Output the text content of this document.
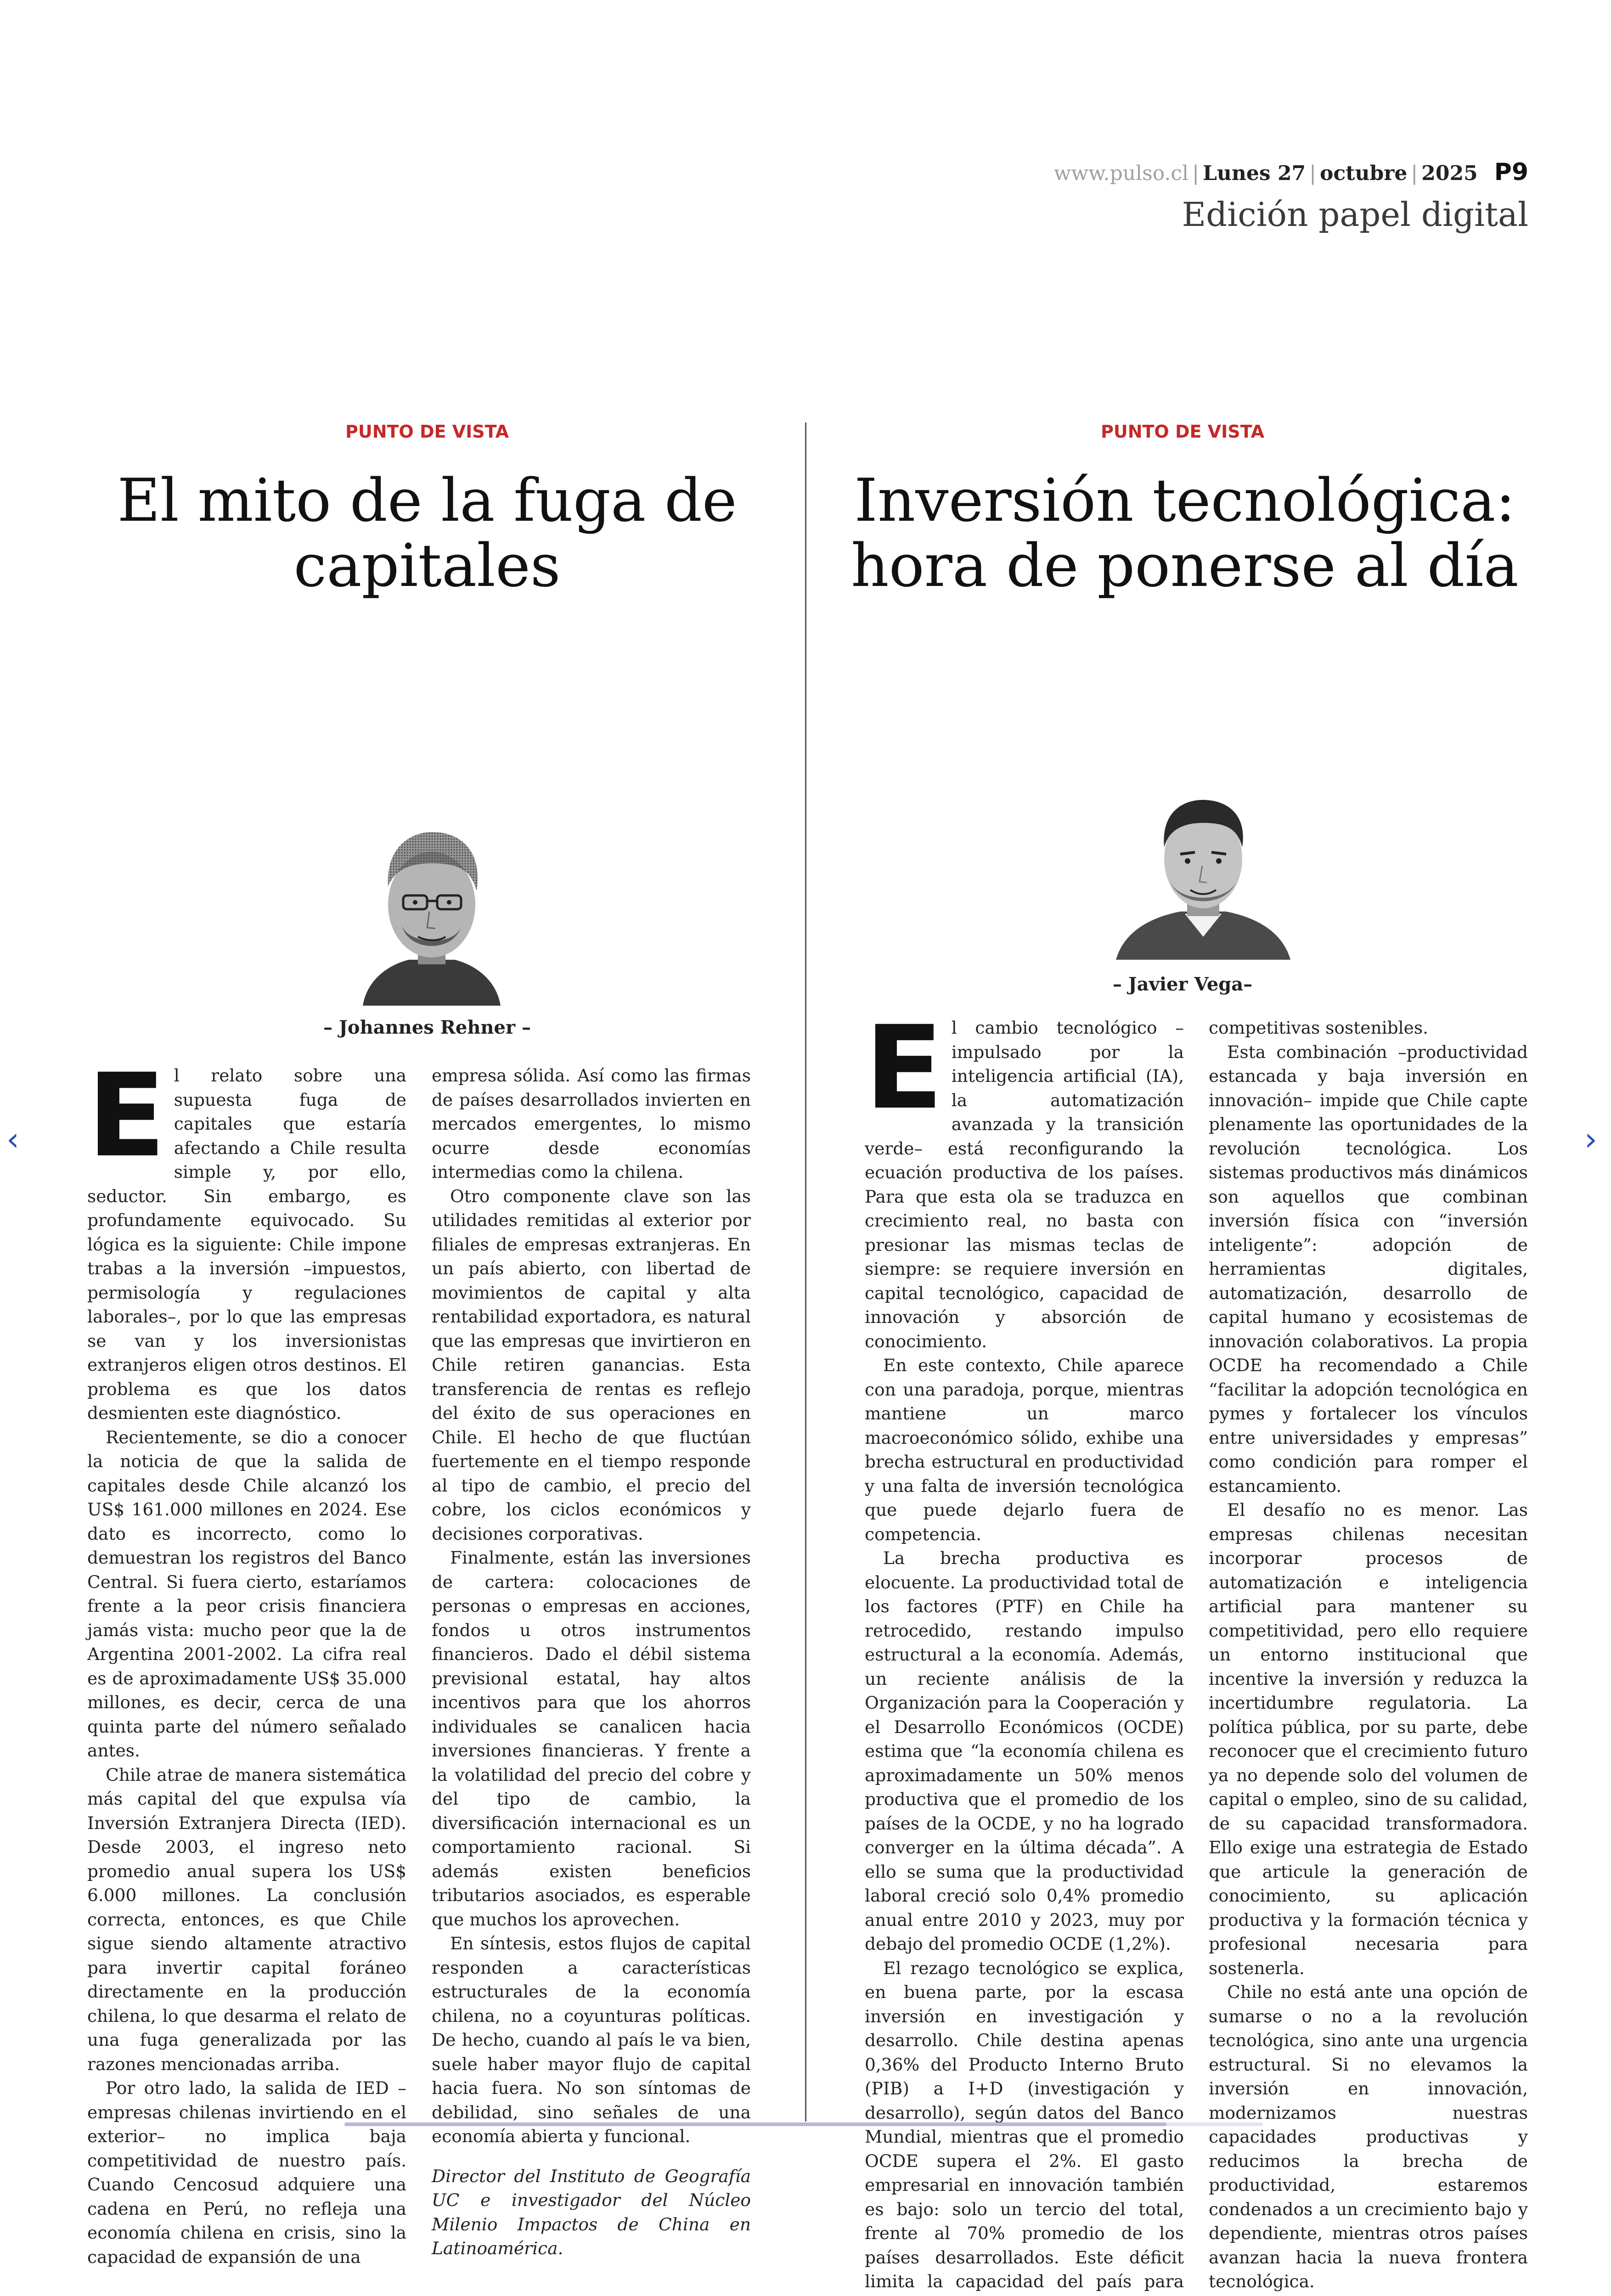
www.pulso.cl | Lunes 27 | octubre | 2025 P9
Edición papel digital
PUNTO DE VISTA
El mito de la fuga de
capitales
– Johannes Rehner –
E l relato sobre una supuesta fuga de capitales que estaría afectando a Chile resulta simple y, por ello, seductor. Sin embargo, es profundamente equivocado. Su lógica es la siguiente: Chile impone trabas a la inversión –impuestos, permisología y regulaciones laborales–, por lo que las empresas se van y los inversionistas extranjeros eligen otros destinos. El problema es que los datos desmienten este diagnóstico.

Recientemente, se dio a conocer la noticia de que la salida de capitales desde Chile alcanzó los US$ 161.000 millones en 2024. Ese dato es incorrecto, como lo demuestran los registros del Banco Central. Si fuera cierto, estaríamos frente a la peor crisis financiera jamás vista: mucho peor que la de Argentina 2001-2002. La cifra real es de aproximadamente US$ 35.000 millones, es decir, cerca de una quinta parte del número señalado antes.

Chile atrae de manera sistemática más capital del que expulsa vía Inversión Extranjera Directa (IED). Desde 2003, el ingreso neto promedio anual supera los US$ 6.000 millones. La conclusión correcta, entonces, es que Chile sigue siendo altamente atractivo para invertir capital foráneo directamente en la producción chilena, lo que desarma el relato de una fuga generalizada por las razones mencionadas arriba.

Por otro lado, la salida de IED –empresas chilenas invirtiendo en el exterior– no implica baja competitividad de nuestro país. Cuando Cencosud adquiere una cadena en Perú, no refleja una economía chilena en crisis, sino la capacidad de expansión de una

empresa sólida. Así como las firmas de países desarrollados invierten en mercados emergentes, lo mismo ocurre desde economías intermedias como la chilena.

Otro componente clave son las utilidades remitidas al exterior por filiales de empresas extranjeras. En un país abierto, con libertad de movimientos de capital y alta rentabilidad exportadora, es natural que las empresas que invirtieron en Chile retiren ganancias. Esta transferencia de rentas es reflejo del éxito de sus operaciones en Chile. El hecho de que fluctúan fuertemente en el tiempo responde al tipo de cambio, el precio del cobre, los ciclos económicos y decisiones corporativas.

Finalmente, están las inversiones de cartera: colocaciones de personas o empresas en acciones, fondos u otros instrumentos financieros. Dado el débil sistema previsional estatal, hay altos incentivos para que los ahorros individuales se canalicen hacia inversiones financieras. Y frente a la volatilidad del precio del cobre y del tipo de cambio, la diversificación internacional es un comportamiento racional. Si además existen beneficios tributarios asociados, es esperable que muchos los aprovechen.

En síntesis, estos flujos de capital responden a características estructurales de la economía chilena, no a coyunturas políticas. De hecho, cuando al país le va bien, suele haber mayor flujo de capital hacia fuera. No son síntomas de debilidad, sino señales de una economía abierta y funcional.

Director del Instituto de Geografía UC e investigador del Núcleo Milenio Impactos de China en Latinoamérica.

PUNTO DE VISTA
Inversión tecnológica:
hora de ponerse al día
– Javier Vega–
E l cambio tecnológico –impulsado por la inteligencia artificial (IA), la automatización avanzada y la transición verde– está reconfigurando la ecuación productiva de los países. Para que esta ola se traduzca en crecimiento real, no basta con presionar las mismas teclas de siempre: se requiere inversión en capital tecnológico, capacidad de innovación y absorción de conocimiento.

En este contexto, Chile aparece con una paradoja, porque, mientras mantiene un marco macroeconómico sólido, exhibe una brecha estructural en productividad y una falta de inversión tecnológica que puede dejarlo fuera de competencia.

La brecha productiva es elocuente. La productividad total de los factores (PTF) en Chile ha retrocedido, restando impulso estructural a la economía. Además, un reciente análisis de la Organización para la Cooperación y el Desarrollo Económicos (OCDE) estima que “la economía chilena es aproximadamente un 50% menos productiva que el promedio de los países de la OCDE, y no ha logrado converger en la última década”. A ello se suma que la productividad laboral creció solo 0,4% promedio anual entre 2010 y 2023, muy por debajo del promedio OCDE (1,2%).

El rezago tecnológico se explica, en buena parte, por la escasa inversión en investigación y desarrollo. Chile destina apenas 0,36% del Producto Interno Bruto (PIB) a I+D (investigación y desarrollo), según datos del Banco Mundial, mientras que el promedio OCDE supera el 2%. El gasto empresarial en innovación también es bajo: solo un tercio del total, frente al 70% promedio de los países desarrollados. Este déficit limita la capacidad del país para

competitivas sostenibles.

Esta combinación –productividad estancada y baja inversión en innovación– impide que Chile capte plenamente las oportunidades de la revolución tecnológica. Los sistemas productivos más dinámicos son aquellos que combinan inversión física con “inversión inteligente”: adopción de herramientas digitales, automatización, desarrollo de capital humano y ecosistemas de innovación colaborativos. La propia OCDE ha recomendado a Chile “facilitar la adopción tecnológica en pymes y fortalecer los vínculos entre universidades y empresas” como condición para romper el estancamiento.

El desafío no es menor. Las empresas chilenas necesitan incorporar procesos de automatización e inteligencia artificial para mantener su competitividad, pero ello requiere un entorno institucional que incentive la inversión y reduzca la incertidumbre regulatoria. La política pública, por su parte, debe reconocer que el crecimiento futuro ya no depende solo del volumen de capital o empleo, sino de su calidad, de su capacidad transformadora. Ello exige una estrategia de Estado que articule la generación de conocimiento, su aplicación productiva y la formación técnica y profesional necesaria para sostenerla.

Chile no está ante una opción de sumarse o no a la revolución tecnológica, sino ante una urgencia estructural. Si no elevamos la inversión en innovación, modernizamos nuestras capacidades productivas y reducimos la brecha de productividad, estaremos condenados a un crecimiento bajo y dependiente, mientras otros países avanzan hacia la nueva frontera tecnológica.

‹	›
